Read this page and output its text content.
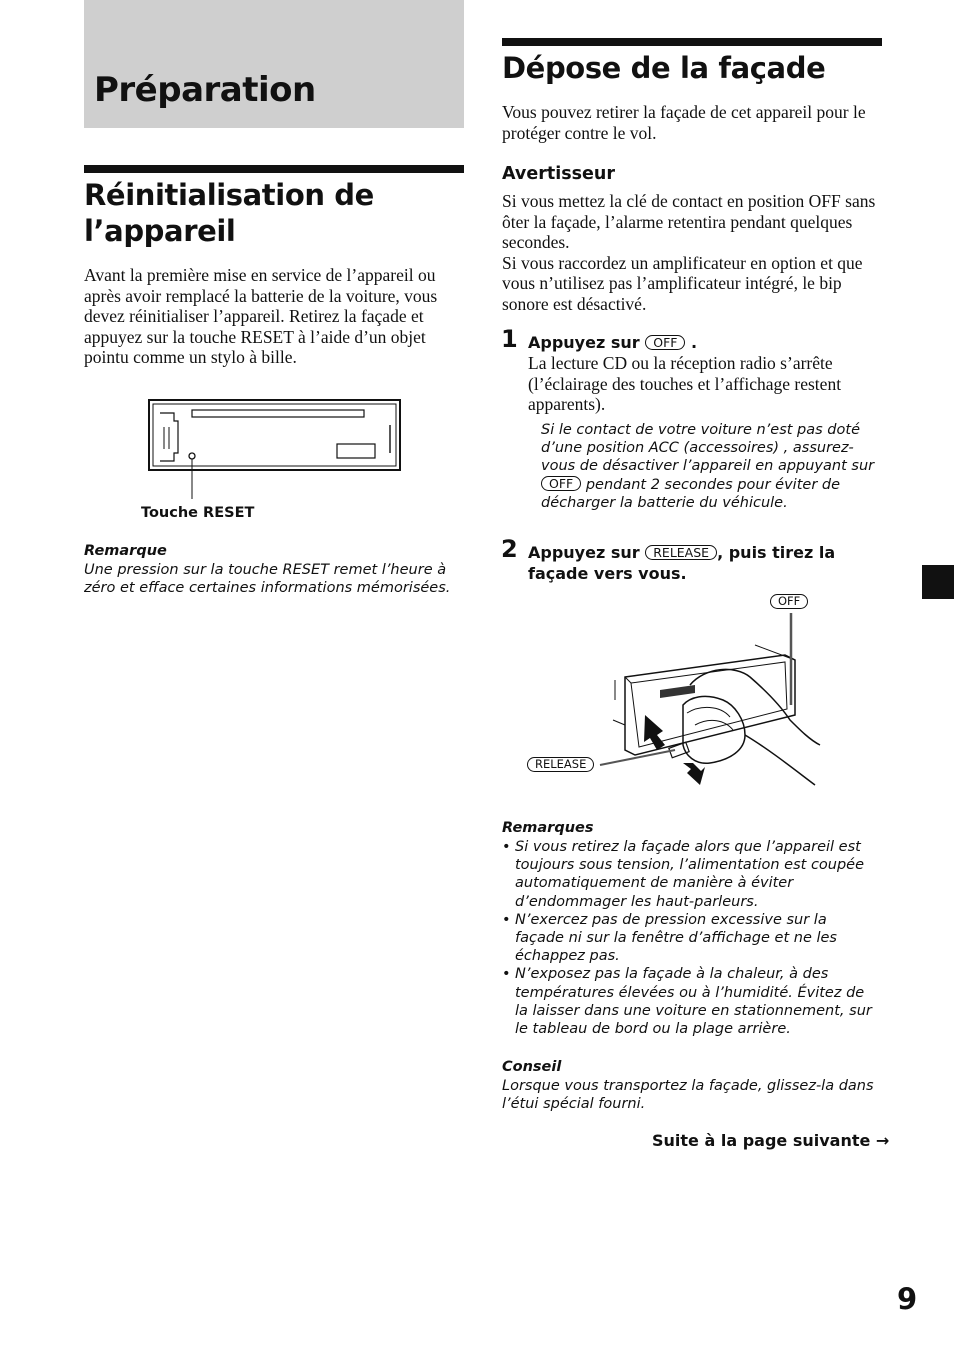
Préparation
Réinitialisation de
l’appareil
Avant la première mise en service de l’appareil ou après avoir remplacé la batterie de la voiture, vous devez réinitialiser l’appareil. Retirez la façade et appuyez sur la touche RESET à l’aide d’un objet pointu comme un stylo à bille.
Touche RESET
Remarque
Une pression sur la touche RESET remet l’heure à zéro et efface certaines informations mémorisées.
Dépose de la façade
Vous pouvez retirer la façade de cet appareil pour le protéger contre le vol.
Avertisseur
Si vous mettez la clé de contact en position OFF sans ôter la façade, l’alarme retentira pendant quelques secondes.
Si vous raccordez un amplificateur en option et que vous n’utilisez pas l’amplificateur intégré, le bip sonore est désactivé.
1 Appuyez sur OFF .
La lecture CD ou la réception radio s’arrête (l’éclairage des touches et l’affichage restent apparents).
Si le contact de votre voiture n’est pas doté d’une position ACC (accessoires) , assurez-vous de désactiver l’appareil en appuyant sur OFF pendant 2 secondes pour éviter de décharger la batterie du véhicule.
2 Appuyez sur RELEASE , puis tirez la façade vers vous.
OFF
RELEASE
Remarques
• Si vous retirez la façade alors que l’appareil est toujours sous tension, l’alimentation est coupée automatiquement de manière à éviter d’endommager les haut-parleurs.
• N’exercez pas de pression excessive sur la façade ni sur la fenêtre d’affichage et ne les échappez pas.
• N’exposez pas la façade à la chaleur, à des températures élevées ou à l’humidité. Évitez de la laisser dans une voiture en stationnement, sur le tableau de bord ou la plage arrière.
Conseil
Lorsque vous transportez la façade, glissez-la dans l’étui spécial fourni.
Suite à la page suivante →
9
